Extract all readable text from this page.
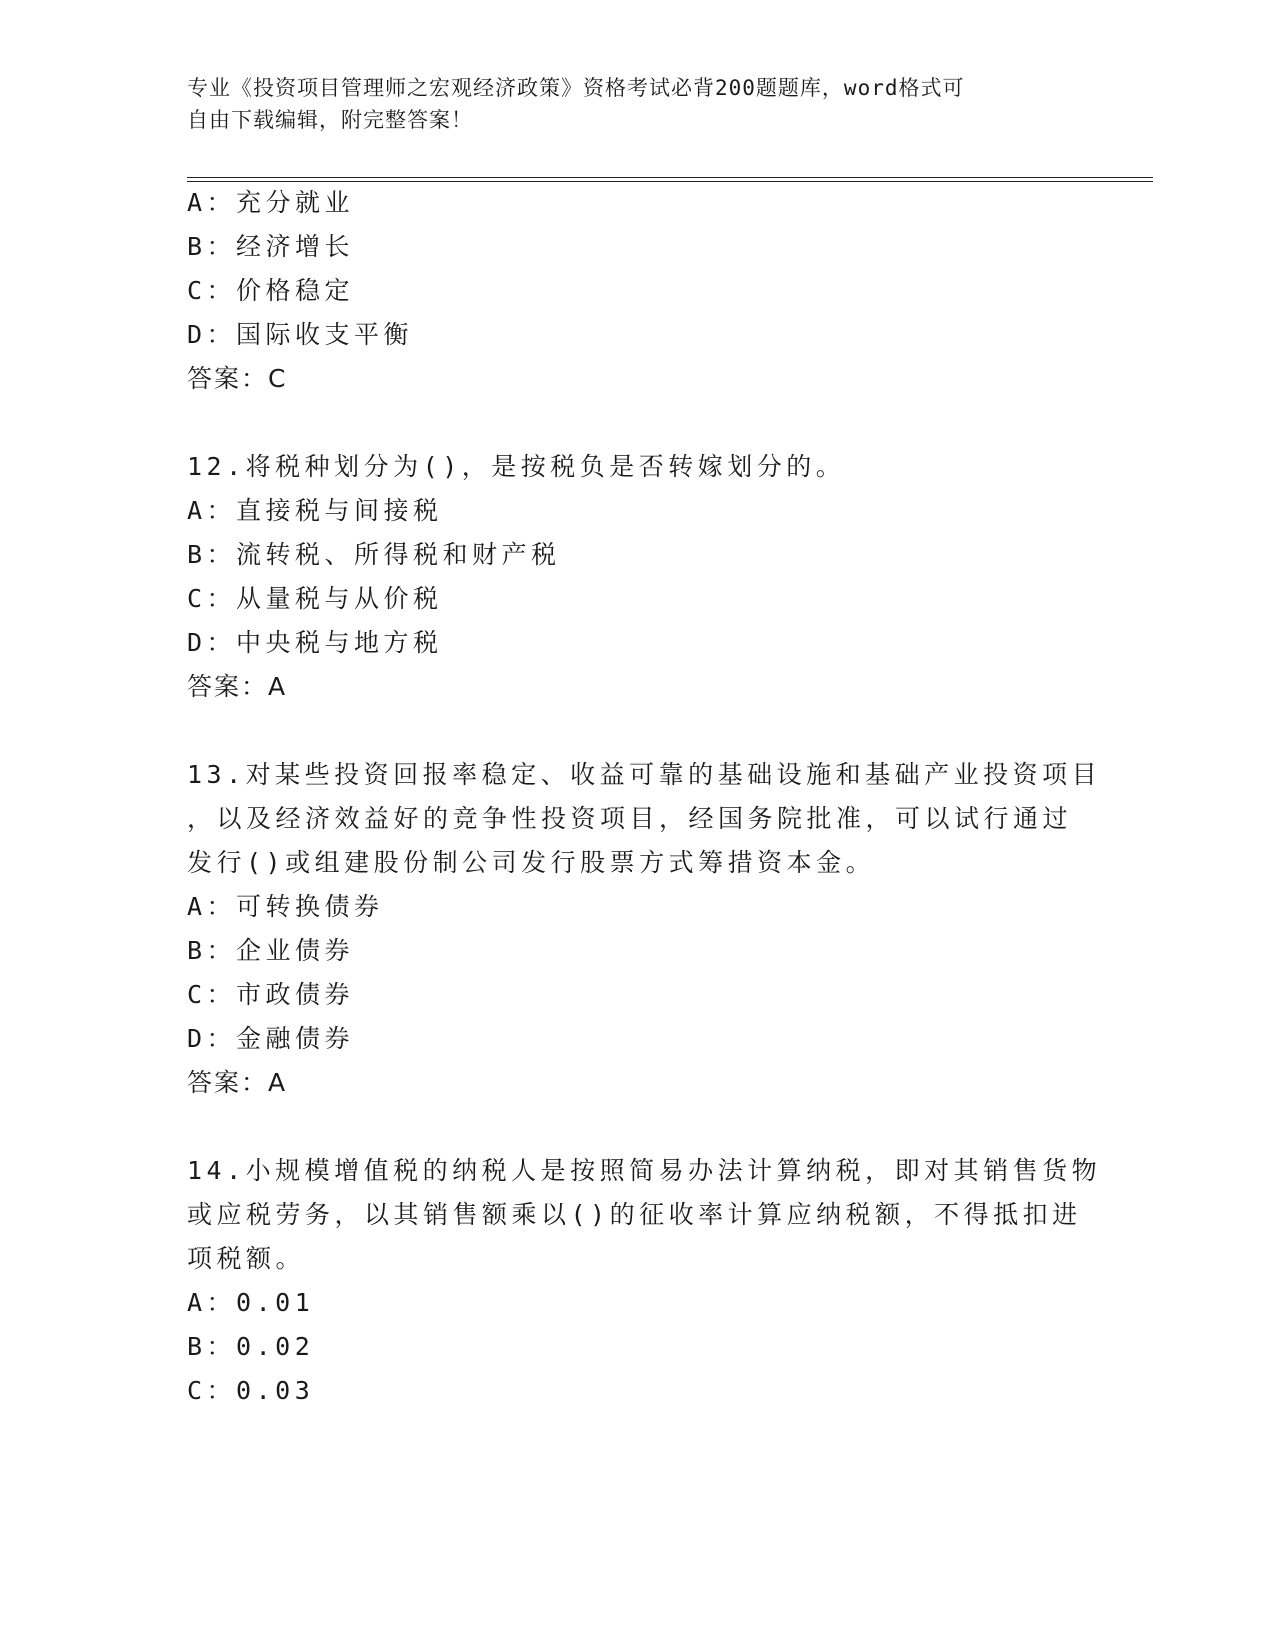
专业《投资项目管理师之宏观经济政策》资格考试必背200题题库，word格式可
自由下载编辑，附完整答案！
A：充分就业
B：经济增长
C：价格稳定
D：国际收支平衡
答案：C
12.将税种划分为()，是按税负是否转嫁划分的。
A：直接税与间接税
B：流转税、所得税和财产税
C：从量税与从价税
D：中央税与地方税
答案：A
13.对某些投资回报率稳定、收益可靠的基础设施和基础产业投资项目
，以及经济效益好的竞争性投资项目，经国务院批准，可以试行通过
发行()或组建股份制公司发行股票方式筹措资本金。
A：可转换债券
B：企业债券
C：市政债券
D：金融债券
答案：A
14.小规模增值税的纳税人是按照简易办法计算纳税，即对其销售货物
或应税劳务，以其销售额乘以()的征收率计算应纳税额，不得抵扣进
项税额。
A：0.01
B：0.02
C：0.03
